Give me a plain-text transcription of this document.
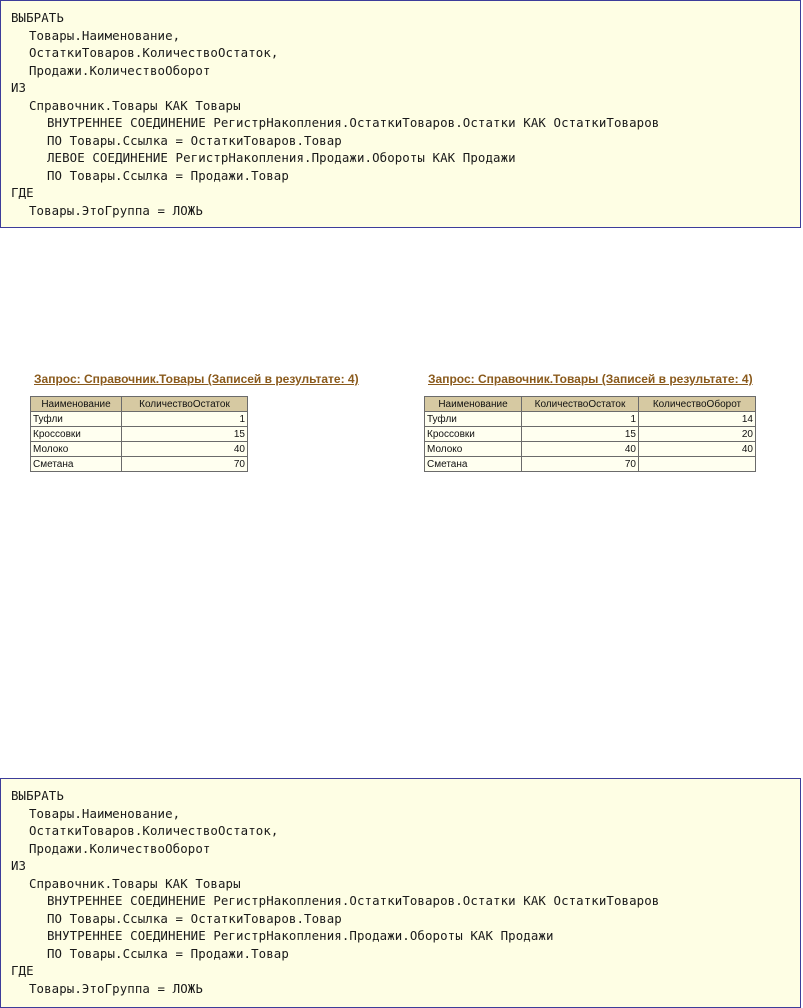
ВЫБРАТЬ
Товары.Наименование,
ОстаткиТоваров.КоличествоОстаток,
Продажи.КоличествоОборот
ИЗ
Справочник.Товары КАК Товары
ВНУТРЕННЕЕ СОЕДИНЕНИЕ РегистрНакопления.ОстаткиТоваров.Остатки КАК ОстаткиТоваров
ПО Товары.Ссылка = ОстаткиТоваров.Товар
ЛЕВОЕ СОЕДИНЕНИЕ РегистрНакопления.Продажи.Обороты КАК Продажи
ПО Товары.Ссылка = Продажи.Товар
ГДЕ
Товары.ЭтоГруппа = ЛОЖЬ
Запрос: Справочник.Товары (Записей в результате: 4)
Наименование	КоличествоОстаток
Туфли	1
Кроссовки	15
Молоко	40
Сметана	70
Запрос: Справочник.Товары (Записей в результате: 4)
Наименование	КоличествоОстаток	КоличествоОборот
Туфли	1	14
Кроссовки	15	20
Молоко	40	40
Сметана	70	
ВЫБРАТЬ
Товары.Наименование,
ОстаткиТоваров.КоличествоОстаток,
Продажи.КоличествоОборот
ИЗ
Справочник.Товары КАК Товары
ВНУТРЕННЕЕ СОЕДИНЕНИЕ РегистрНакопления.ОстаткиТоваров.Остатки КАК ОстаткиТоваров
ПО Товары.Ссылка = ОстаткиТоваров.Товар
ВНУТРЕННЕЕ СОЕДИНЕНИЕ РегистрНакопления.Продажи.Обороты КАК Продажи
ПО Товары.Ссылка = Продажи.Товар
ГДЕ
Товары.ЭтоГруппа = ЛОЖЬ
